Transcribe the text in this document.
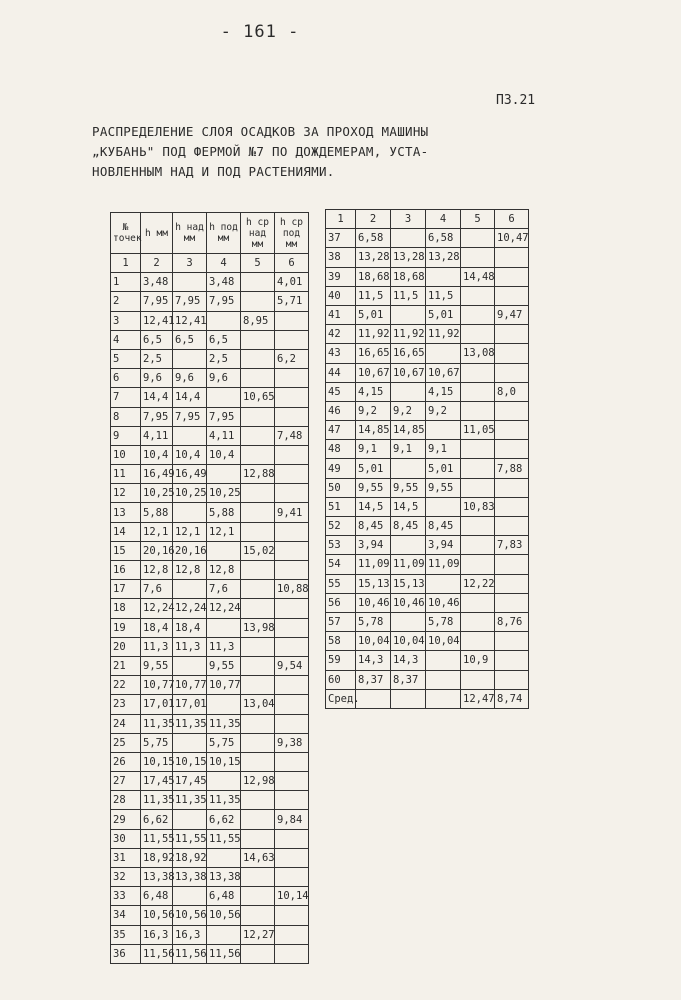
- 161 -
П3.21
РАСПРЕДЕЛЕНИЕ СЛОЯ ОСАДКОВ ЗА ПРОХОД МАШИНЫ
„КУБАНЬ" ПОД ФЕРМОЙ №7 ПО ДОЖДЕМЕРАМ, УСТА-
НОВЛЕННЫМ НАД И ПОД РАСТЕНИЯМИ.
№ точек	h мм	h над мм	h под мм	h ср над мм	h ср под мм
1	2	3	4	5	6
1	3,48		3,48		4,01
2	7,95	7,95	7,95		5,71
3	12,41	12,41		8,95	
4	6,5	6,5	6,5		
5	2,5		2,5		6,2
6	9,6	9,6	9,6		
7	14,4	14,4		10,65	
8	7,95	7,95	7,95		
9	4,11		4,11		7,48
10	10,4	10,4	10,4		
11	16,49	16,49		12,88	
12	10,25	10,25	10,25		
13	5,88		5,88		9,41
14	12,1	12,1	12,1		
15	20,16	20,16		15,02	
16	12,8	12,8	12,8		
17	7,6		7,6		10,88
18	12,24	12,24	12,24		
19	18,4	18,4		13,98	
20	11,3	11,3	11,3		
21	9,55		9,55		9,54
22	10,77	10,77	10,77		
23	17,01	17,01		13,04	
24	11,35	11,35	11,35		
25	5,75		5,75		9,38
26	10,15	10,15	10,15		
27	17,45	17,45		12,98	
28	11,35	11,35	11,35		
29	6,62		6,62		9,84
30	11,55	11,55	11,55		
31	18,92	18,92		14,63	
32	13,38	13,38	13,38		
33	6,48		6,48		10,14
34	10,56	10,56	10,56		
35	16,3	16,3		12,27	
36	11,56	11,56	11,56		
1	2	3	4	5	6
37	6,58		6,58		10,47
38	13,28	13,28	13,28		
39	18,68	18,68		14,48	
40	11,5	11,5	11,5		
41	5,01		5,01		9,47
42	11,92	11,92	11,92		
43	16,65	16,65		13,08	
44	10,67	10,67	10,67		
45	4,15		4,15		8,0
46	9,2	9,2	9,2		
47	14,85	14,85		11,05	
48	9,1	9,1	9,1		
49	5,01		5,01		7,88
50	9,55	9,55	9,55		
51	14,5	14,5		10,83	
52	8,45	8,45	8,45		
53	3,94		3,94		7,83
54	11,09	11,09	11,09		
55	15,13	15,13		12,22	
56	10,46	10,46	10,46		
57	5,78		5,78		8,76
58	10,04	10,04	10,04		
59	14,3	14,3		10,9	
60	8,37	8,37			
Сред.				12,47	8,74
